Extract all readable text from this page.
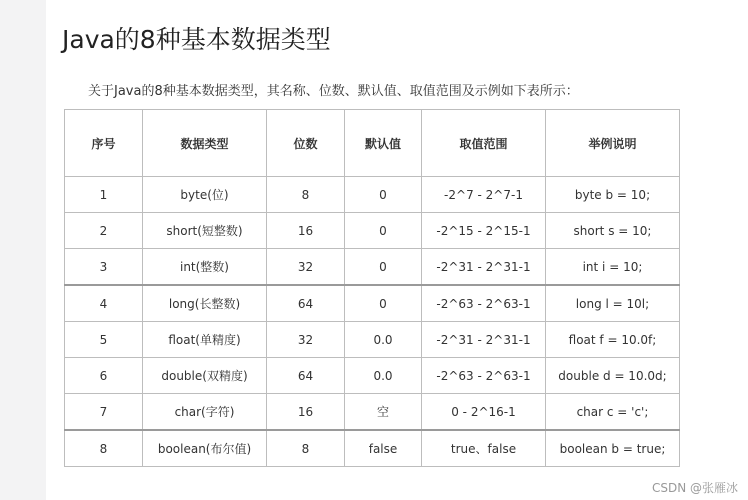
Java的8种基本数据类型

关于Java的8种基本数据类型，其名称、位数、默认值、取值范围及示例如下表所示：

序号	数据类型	位数	默认值	取值范围	举例说明
1	byte(位)	8	0	-2^7 - 2^7-1	byte b = 10;
2	short(短整数)	16	0	-2^15 - 2^15-1	short s = 10;
3	int(整数)	32	0	-2^31 - 2^31-1	int i = 10;
4	long(长整数)	64	0	-2^63 - 2^63-1	long l = 10l;
5	float(单精度)	32	0.0	-2^31 - 2^31-1	float f = 10.0f;
6	double(双精度)	64	0.0	-2^63 - 2^63-1	double d = 10.0d;
7	char(字符)	16	空	0 - 2^16-1	char c = 'c';
8	boolean(布尔值)	8	false	true、false	boolean b = true;
CSDN @张雁冰
